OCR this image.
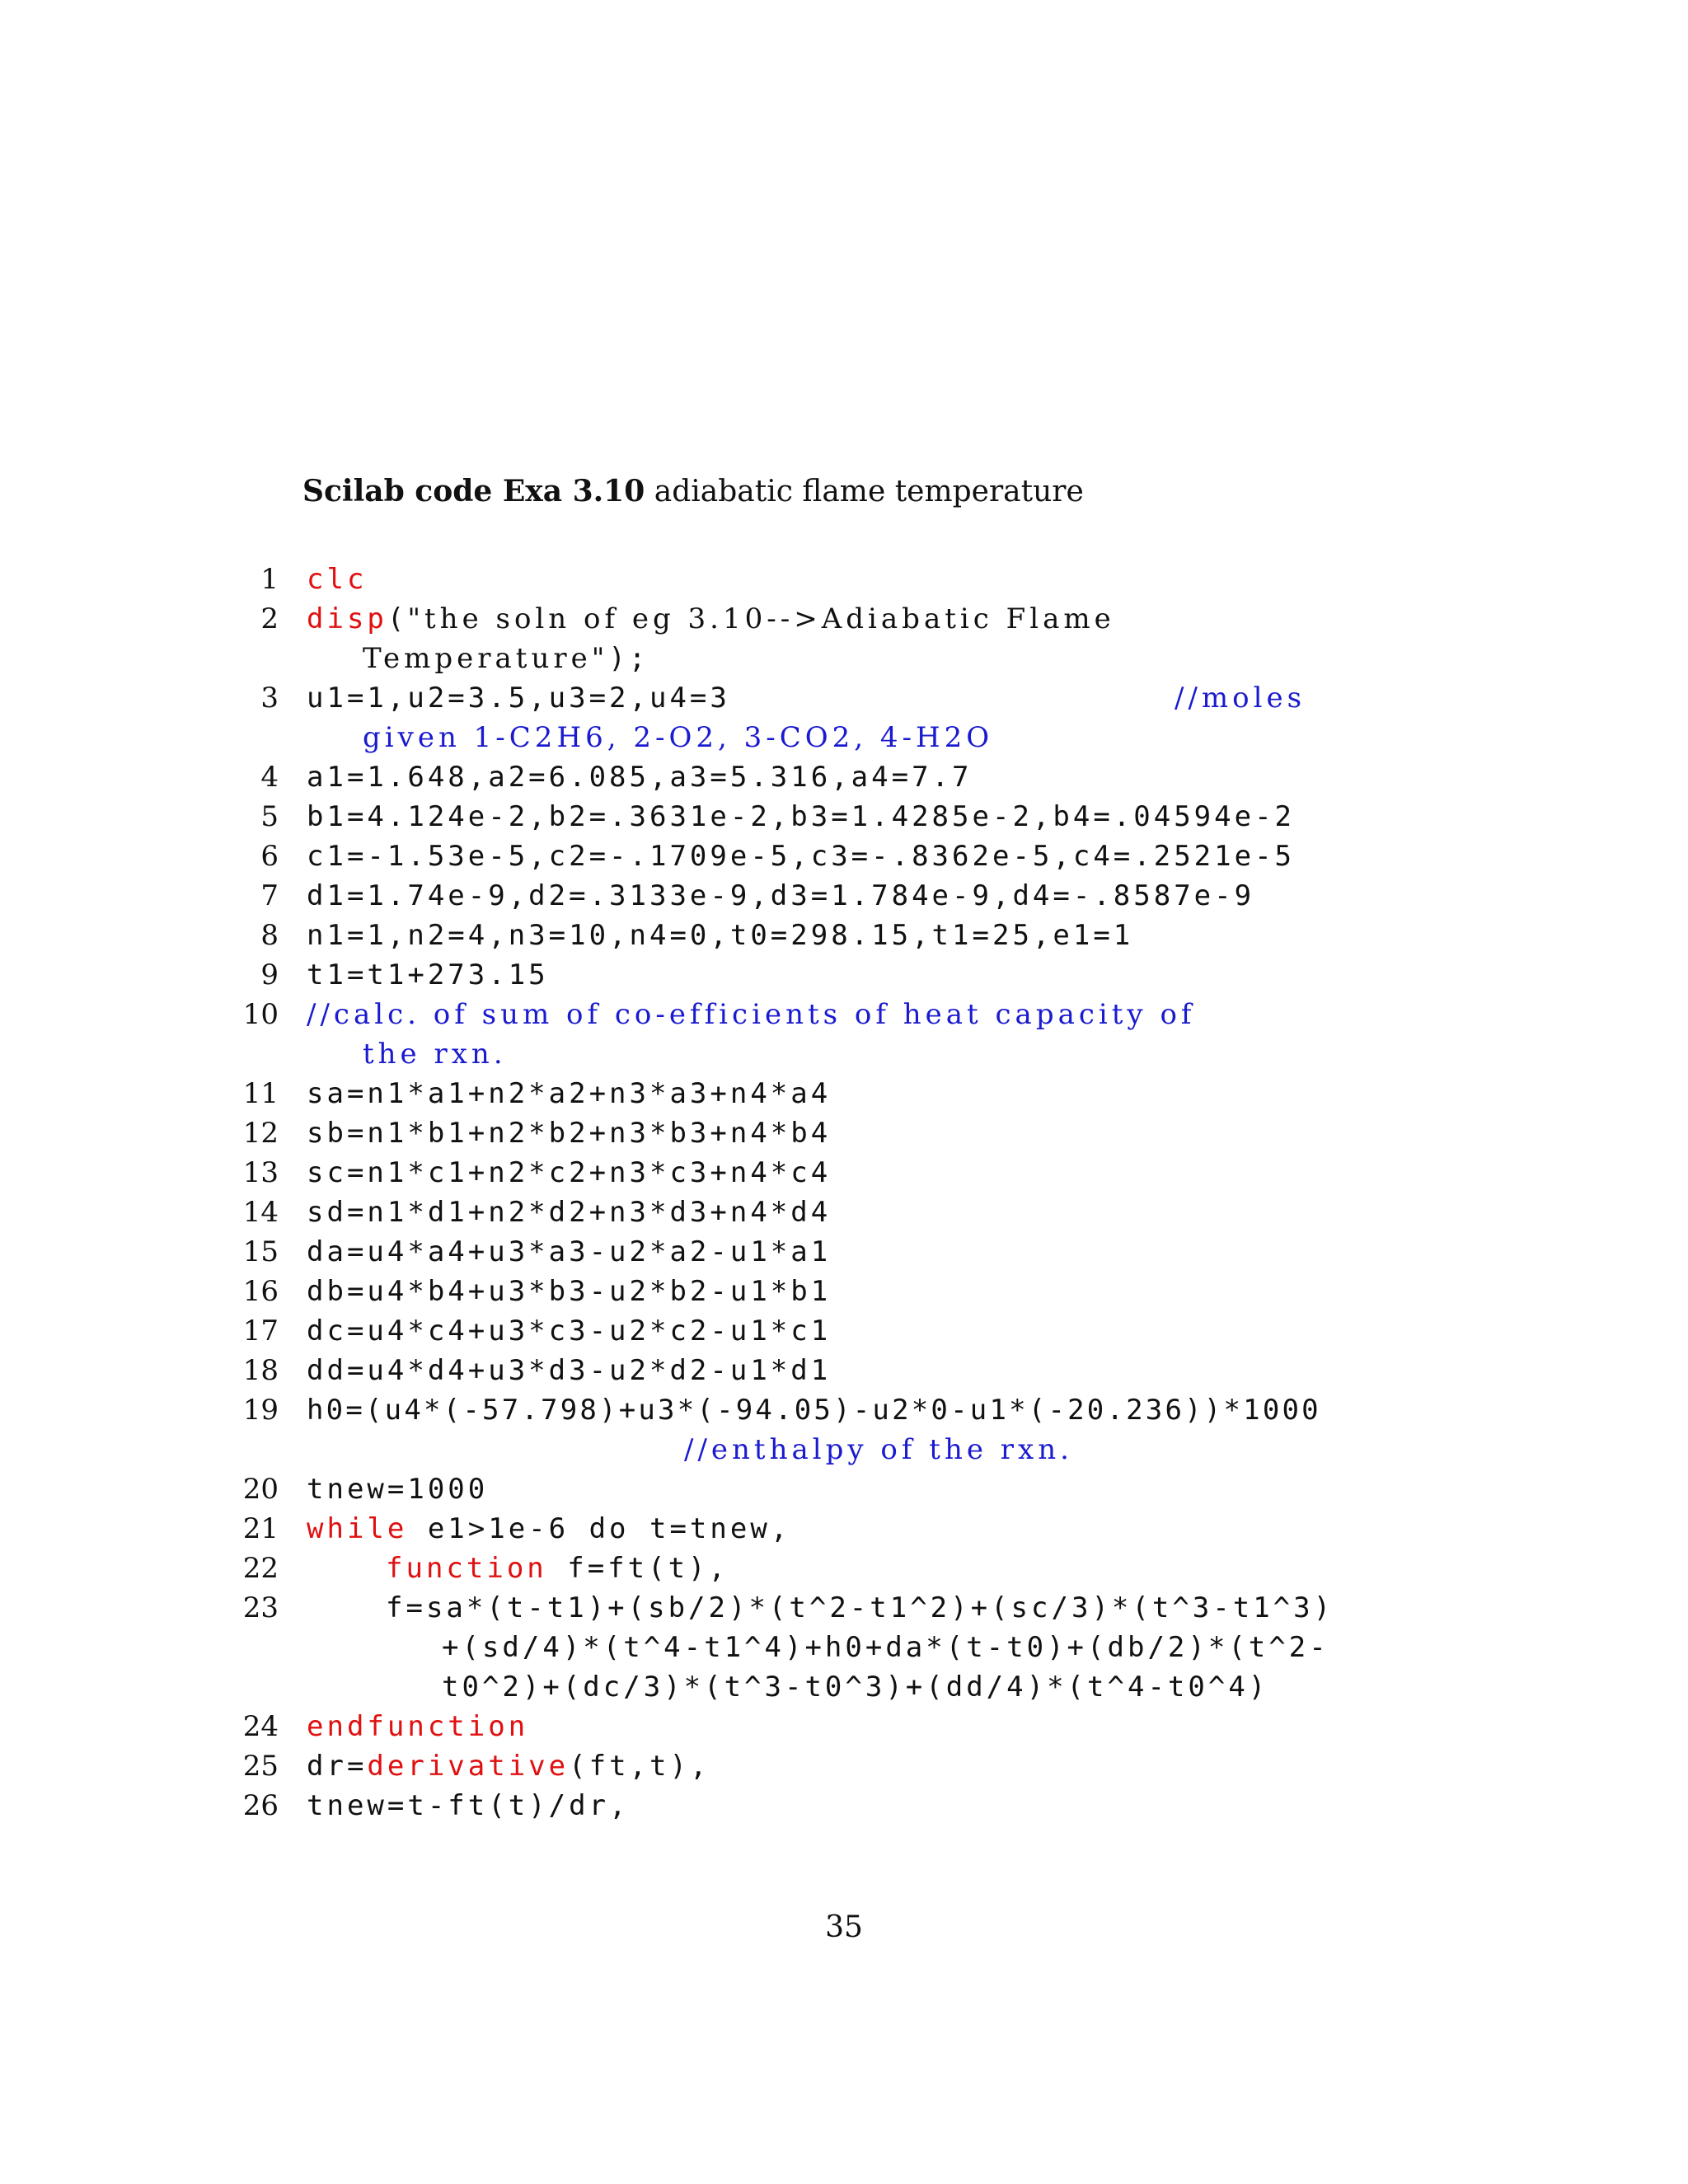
Scilab code Exa 3.10 adiabatic flame temperature
1 clc
2 disp("the soln of eg 3.10-->Adiabatic Flame
Temperature");
3 u1=1,u2=3.5,u3=2,u4=3	//moles
given 1-C2H6, 2-O2, 3-CO2, 4-H2O
4 a1=1.648,a2=6.085,a3=5.316,a4=7.7
5 b1=4.124e-2,b2=.3631e-2,b3=1.4285e-2,b4=.04594e-2
6 c1=-1.53e-5,c2=-.1709e-5,c3=-.8362e-5,c4=.2521e-5
7 d1=1.74e-9,d2=.3133e-9,d3=1.784e-9,d4=-.8587e-9
8 n1=1,n2=4,n3=10,n4=0,t0=298.15,t1=25,e1=1
9 t1=t1+273.15
10 //calc. of sum of co-efficients of heat capacity of
the rxn.
11 sa=n1*a1+n2*a2+n3*a3+n4*a4
12 sb=n1*b1+n2*b2+n3*b3+n4*b4
13 sc=n1*c1+n2*c2+n3*c3+n4*c4
14 sd=n1*d1+n2*d2+n3*d3+n4*d4
15 da=u4*a4+u3*a3-u2*a2-u1*a1
16 db=u4*b4+u3*b3-u2*b2-u1*b1
17 dc=u4*c4+u3*c3-u2*c2-u1*c1
18 dd=u4*d4+u3*d3-u2*d2-u1*d1
19 h0=(u4*(-57.798)+u3*(-94.05)-u2*0-u1*(-20.236))*1000
//enthalpy of the rxn.
20 tnew=1000
21 while e1>1e-6 do t=tnew,
22	function f=ft(t),
23	f=sa*(t-t1)+(sb/2)*(t^2-t1^2)+(sc/3)*(t^3-t1^3)
+(sd/4)*(t^4-t1^4)+h0+da*(t-t0)+(db/2)*(t^2-
t0^2)+(dc/3)*(t^3-t0^3)+(dd/4)*(t^4-t0^4)
24 endfunction
25 dr=derivative(ft,t),
26 tnew=t-ft(t)/dr,
35
